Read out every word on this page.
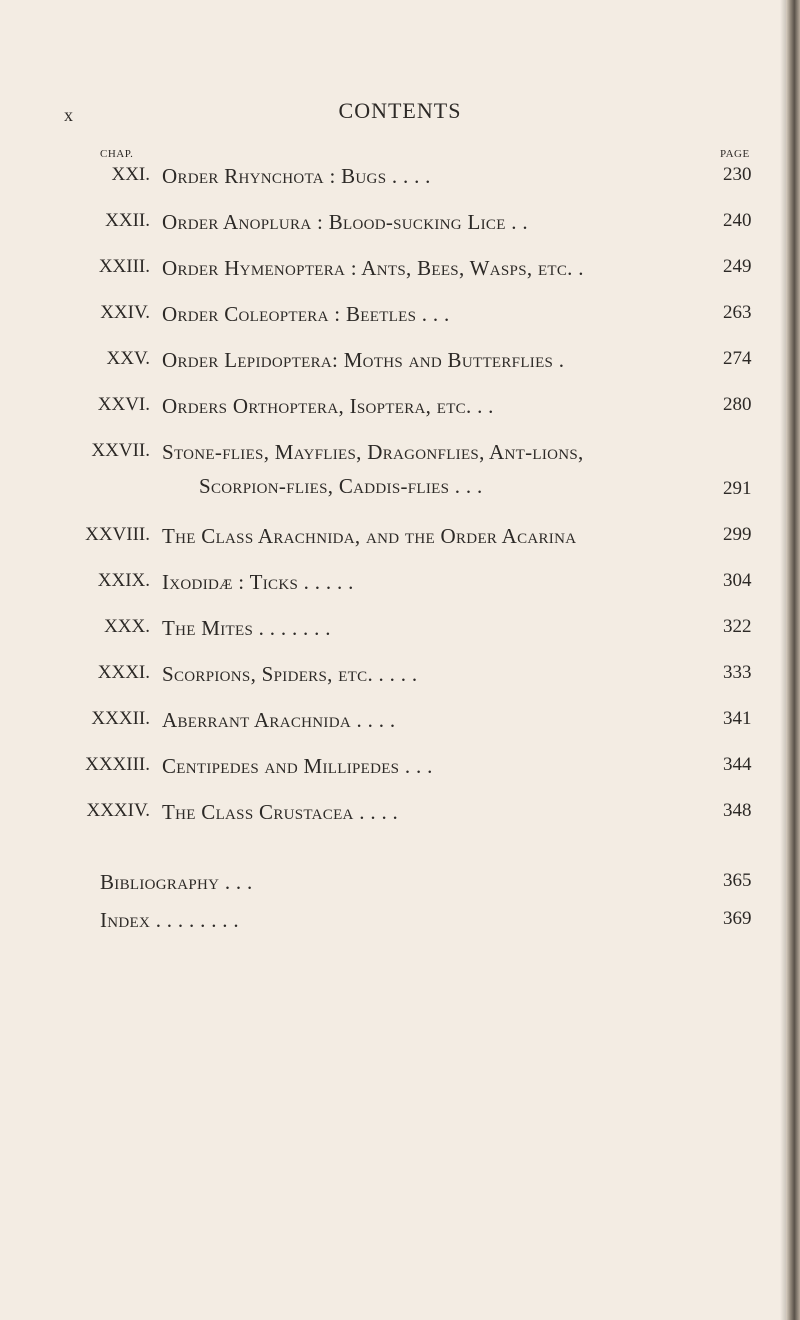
x	CONTENTS
CHAP.	PAGE
XXI. Order Rhynchota : Bugs . . . .	230
XXII. Order Anoplura : Blood-sucking Lice . .	240
XXIII. Order Hymenoptera : Ants, Bees, Wasps, etc. .	249
XXIV. Order Coleoptera : Beetles . . .	263
XXV. Order Lepidoptera: Moths and Butterflies .	274
XXVI. Orders Orthoptera, Isoptera, etc. . .	280
XXVII. Stone-flies, Mayflies, Dragonflies, Ant-lions,
Scorpion-flies, Caddis-flies . . .	291
XXVIII. The Class Arachnida, and the Order Acarina	299
XXIX. Ixodidæ : Ticks . . . . .	304
XXX. The Mites . . . . . . .	322
XXXI. Scorpions, Spiders, etc. . . . .	333
XXXII. Aberrant Arachnida . . . .	341
XXXIII. Centipedes and Millipedes . . .	344
XXXIV. The Class Crustacea . . . .	348
Bibliography . . .	365
Index . . . . . . . .	369
